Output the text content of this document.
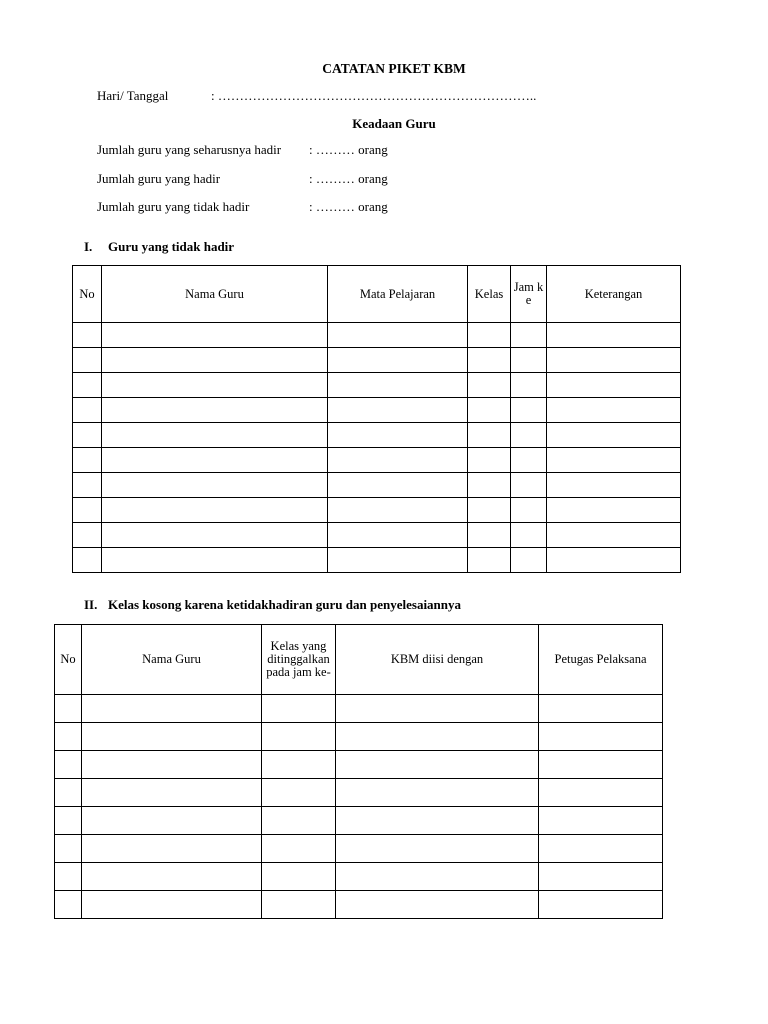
CATATAN PIKET KBM
Hari/ Tanggal	: ………………………………………………………………..
Keadaan Guru
Jumlah guru yang seharusnya hadir : ……… orang
Jumlah guru yang hadir	: ……… orang
Jumlah guru yang tidak hadir	: ……… orang
I. Guru yang tidak hadir
No	Nama Guru	Mata Pelajaran	Kelas	Jam ke	Keterangan

II. Kelas kosong karena ketidakhadiran guru dan penyelesaiannya
No	Nama Guru	Kelas yang ditinggalkan pada jam ke-	KBM diisi dengan	Petugas Pelaksana
